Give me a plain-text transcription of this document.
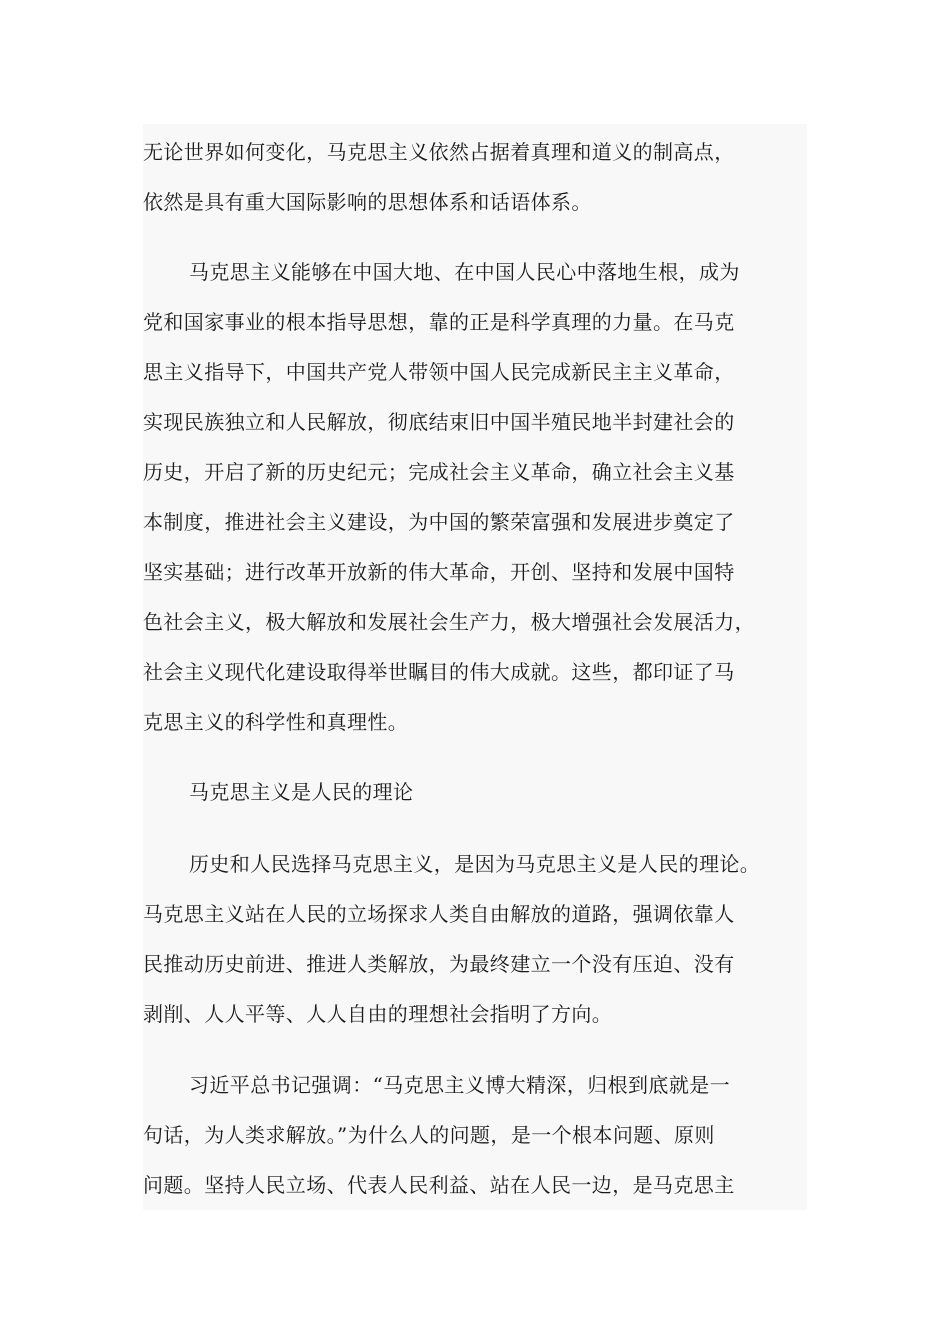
无论世界如何变化，马克思主义依然占据着真理和道义的制高点，
依然是具有重大国际影响的思想体系和话语体系。
马克思主义能够在中国大地、在中国人民心中落地生根，成为
党和国家事业的根本指导思想，靠的正是科学真理的力量。在马克
思主义指导下，中国共产党人带领中国人民完成新民主主义革命，
实现民族独立和人民解放，彻底结束旧中国半殖民地半封建社会的
历史，开启了新的历史纪元；完成社会主义革命，确立社会主义基
本制度，推进社会主义建设，为中国的繁荣富强和发展进步奠定了
坚实基础；进行改革开放新的伟大革命，开创、坚持和发展中国特
色社会主义，极大解放和发展社会生产力，极大增强社会发展活力，
社会主义现代化建设取得举世瞩目的伟大成就。这些，都印证了马
克思主义的科学性和真理性。
马克思主义是人民的理论
历史和人民选择马克思主义，是因为马克思主义是人民的理论。
马克思主义站在人民的立场探求人类自由解放的道路，强调依靠人
民推动历史前进、推进人类解放，为最终建立一个没有压迫、没有
剥削、人人平等、人人自由的理想社会指明了方向。
习近平总书记强调：“马克思主义博大精深，归根到底就是一
句话，为人类求解放。”为什么人的问题，是一个根本问题、原则
问题。坚持人民立场、代表人民利益、站在人民一边，是马克思主
